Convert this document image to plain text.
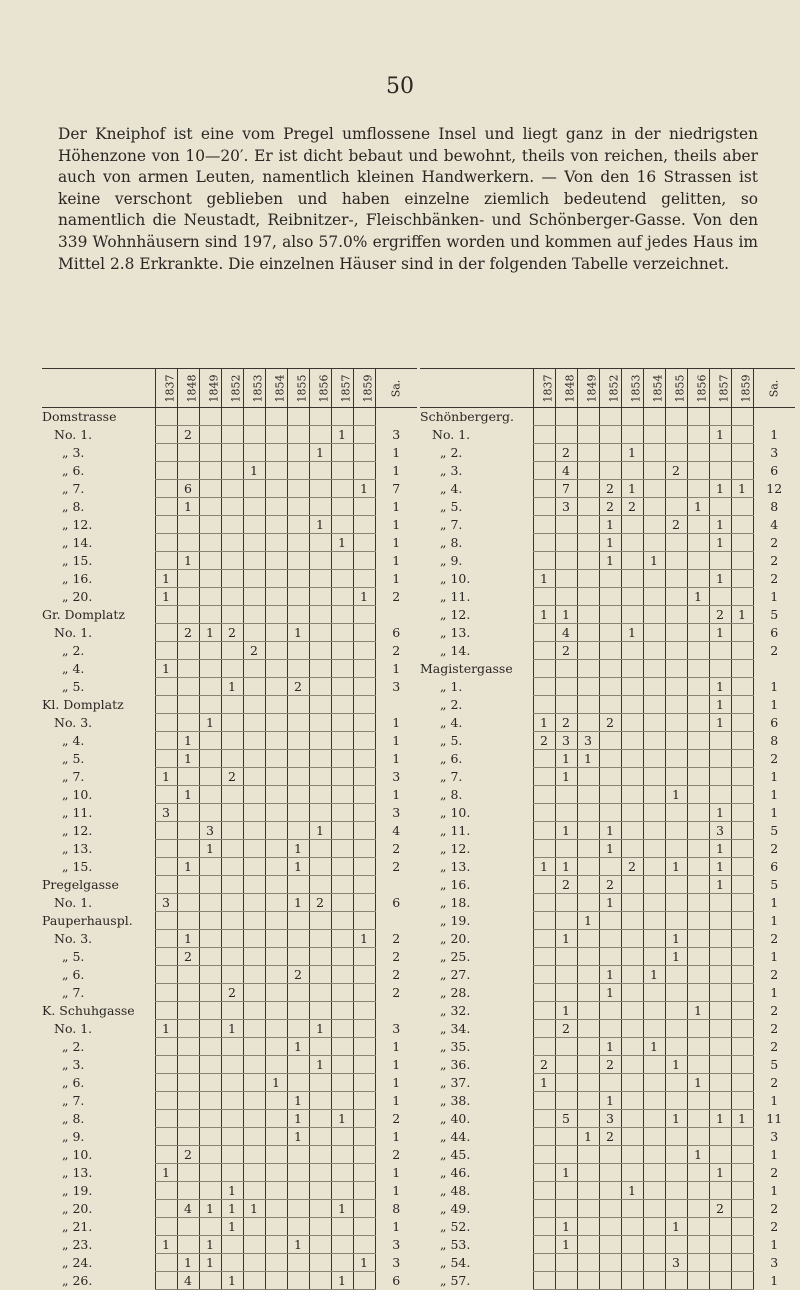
50
Der Kneiphof ist eine vom Pregel umflossene Insel und liegt ganz in der niedrigsten Höhenzone von 10—20′. Er ist dicht bebaut und bewohnt, theils von reichen, theils aber auch von armen Leuten, namentlich kleinen Handwerkern. — Von den 16 Strassen ist keine verschont geblieben und haben einzelne ziemlich bedeutend gelitten, so namentlich die Neustadt, Reibnitzer-, Fleischbänken- und Schönberger-Gasse. Von den 339 Wohnhäusern sind 197, also 57.0% ergriffen worden und kommen auf jedes Haus im Mittel 2.8 Erkrankte. Die einzelnen Häuser sind in der folgenden Tabelle verzeichnet.
	1837	1848	1849	1852	1853	1854	1855	1856	1857	1859	Sa.
Domstrasse											
No. 1.		2							1		3
„ 3.								1			1
„ 6.					1						1
„ 7.		6								1	7
„ 8.		1									1
„ 12.								1			1
„ 14.									1		1
„ 15.		1									1
„ 16.	1										1
„ 20.	1									1	2
Gr. Domplatz											
No. 1.		2	1	2			1				6
„ 2.					2						2
„ 4.	1										1
„ 5.				1			2				3
Kl. Domplatz											
No. 3.			1								1
„ 4.		1									1
„ 5.		1									1
„ 7.	1			2							3
„ 10.		1									1
„ 11.	3										3
„ 12.			3					1			4
„ 13.			1				1				2
„ 15.		1					1				2
Pregelgasse											
No. 1.	3						1	2			6
Pauperhauspl.											
No. 3.		1								1	2
„ 5.		2									2
„ 6.							2				2
„ 7.				2							2
K. Schuhgasse											
No. 1.	1			1				1			3
„ 2.							1				1
„ 3.								1			1
„ 6.						1					1
„ 7.							1				1
„ 8.							1		1		2
„ 9.							1				1
„ 10.		2									2
„ 13.	1										1
„ 19.				1							1
„ 20.		4	1	1	1				1		8
„ 21.				1							1
„ 23.	1		1				1				3
„ 24.		1	1							1	3
„ 26.		4		1					1		6
	1837	1848	1849	1852	1853	1854	1855	1856	1857	1859	Sa.
Schönbergerg.											
No. 1.									1		1
„ 2.		2			1						3
„ 3.		4					2				6
„ 4.		7		2	1				1	1	12
„ 5.		3		2	2			1			8
„ 7.				1			2		1		4
„ 8.				1					1		2
„ 9.				1		1					2
„ 10.	1								1		2
„ 11.								1			1
„ 12.	1	1							2	1	5
„ 13.		4			1				1		6
„ 14.		2									2
Magistergasse											
„ 1.									1		1
„ 2.									1		1
„ 4.	1	2		2					1		6
„ 5.	2	3	3								8
„ 6.		1	1								2
„ 7.		1									1
„ 8.							1				1
„ 10.									1		1
„ 11.		1		1					3		5
„ 12.				1					1		2
„ 13.	1	1			2		1		1		6
„ 16.		2		2					1		5
„ 18.				1							1
„ 19.			1								1
„ 20.		1					1				2
„ 25.							1				1
„ 27.				1		1					2
„ 28.				1							1
„ 32.		1						1			2
„ 34.		2									2
„ 35.				1		1					2
„ 36.	2			2			1				5
„ 37.	1							1			2
„ 38.				1							1
„ 40.		5		3			1		1	1	11
„ 44.			1	2							3
„ 45.								1			1
„ 46.		1							1		2
„ 48.					1						1
„ 49.									2		2
„ 52.		1					1				2
„ 53.		1									1
„ 54.							3				3
„ 57.											1
